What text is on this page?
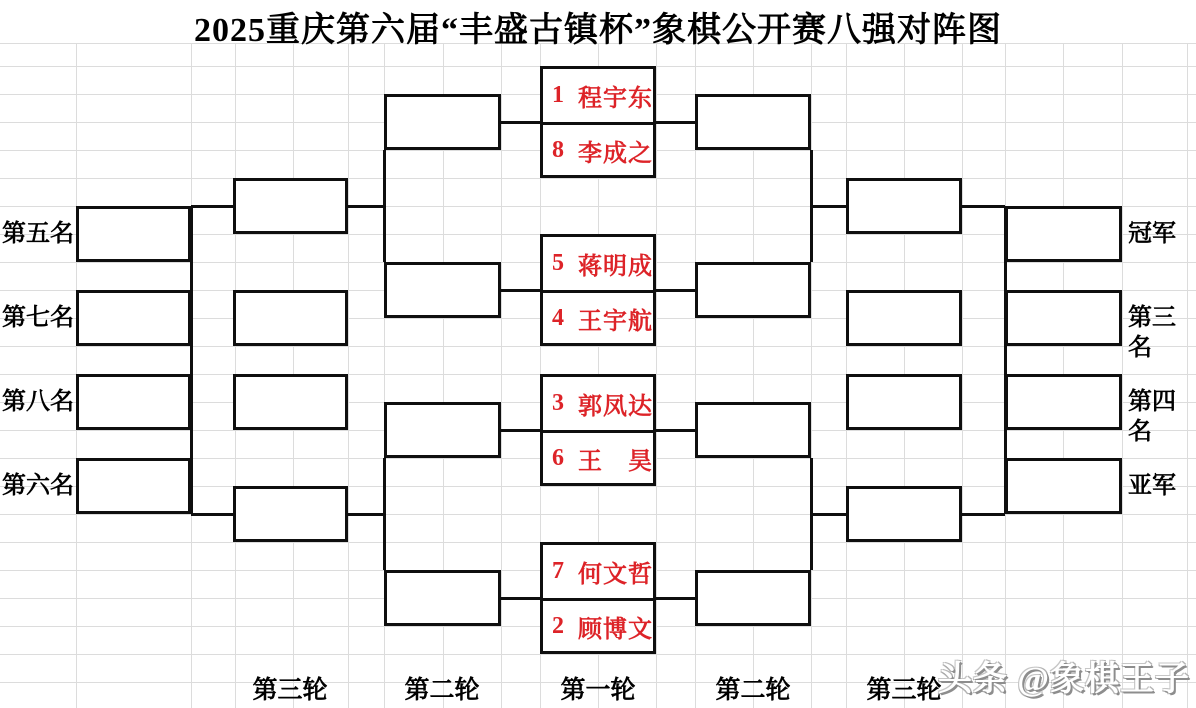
2025重庆第六届“丰盛古镇杯”象棋公开赛八强对阵图
第五名
第七名
第八名
第六名
冠军
第三名
第四名
亚军
1 程宇东
8 李成之
5 蒋明成
4 王宇航
3 郭凤达
6 王　昊
7 何文哲
2 顾博文
第三轮	第二轮	第一轮	第二轮	第三轮
头条 @象棋王子
